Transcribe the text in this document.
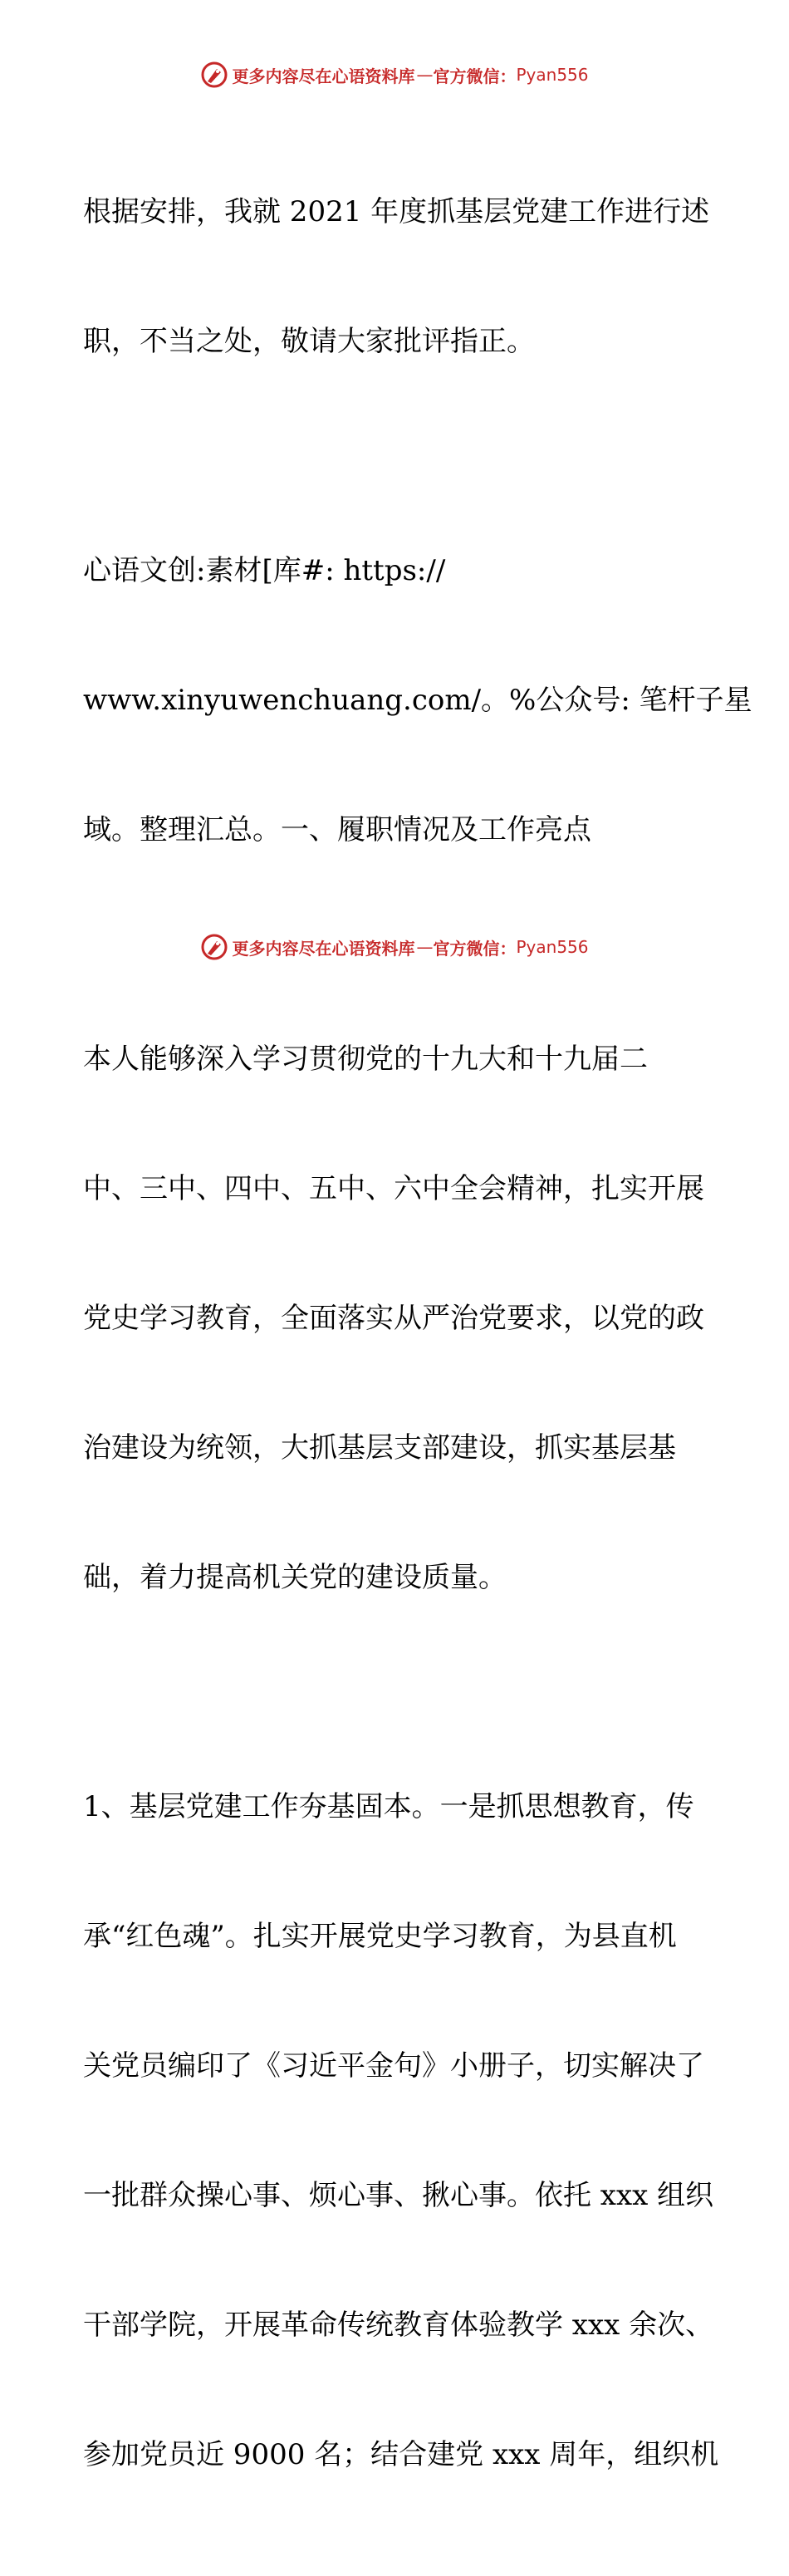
更多内容尽在心语资料库 — 官方微信： Pyan556

根据安排，我就 2021 年度抓基层党建工作进行述

职，不当之处，敬请大家批评指正。

心语文创:素材[库#: https://

www.xinyuwenchuang.com/。%公众号: 笔杆子星

域。整理汇总。一、履职情况及工作亮点

本人能够深入学习贯彻党的十九大和十九届二

中、三中、四中、五中、六中全会精神，扎实开展

党史学习教育，全面落实从严治党要求，以党的政

治建设为统领，大抓基层支部建设，抓实基层基

础，着力提高机关党的建设质量。

1、基层党建工作夯基固本。一是抓思想教育，传

承“红色魂”。扎实开展党史学习教育，为县直机

关党员编印了《习近平金句》小册子，切实解决了

一批群众操心事、烦心事、揪心事。依托 xxx 组织

干部学院，开展革命传统教育体验教学 xxx 余次、

参加党员近 9000 名；结合建党 xxx 周年，组织机

更多内容尽在心语资料库 — 官方微信： Pyan556
